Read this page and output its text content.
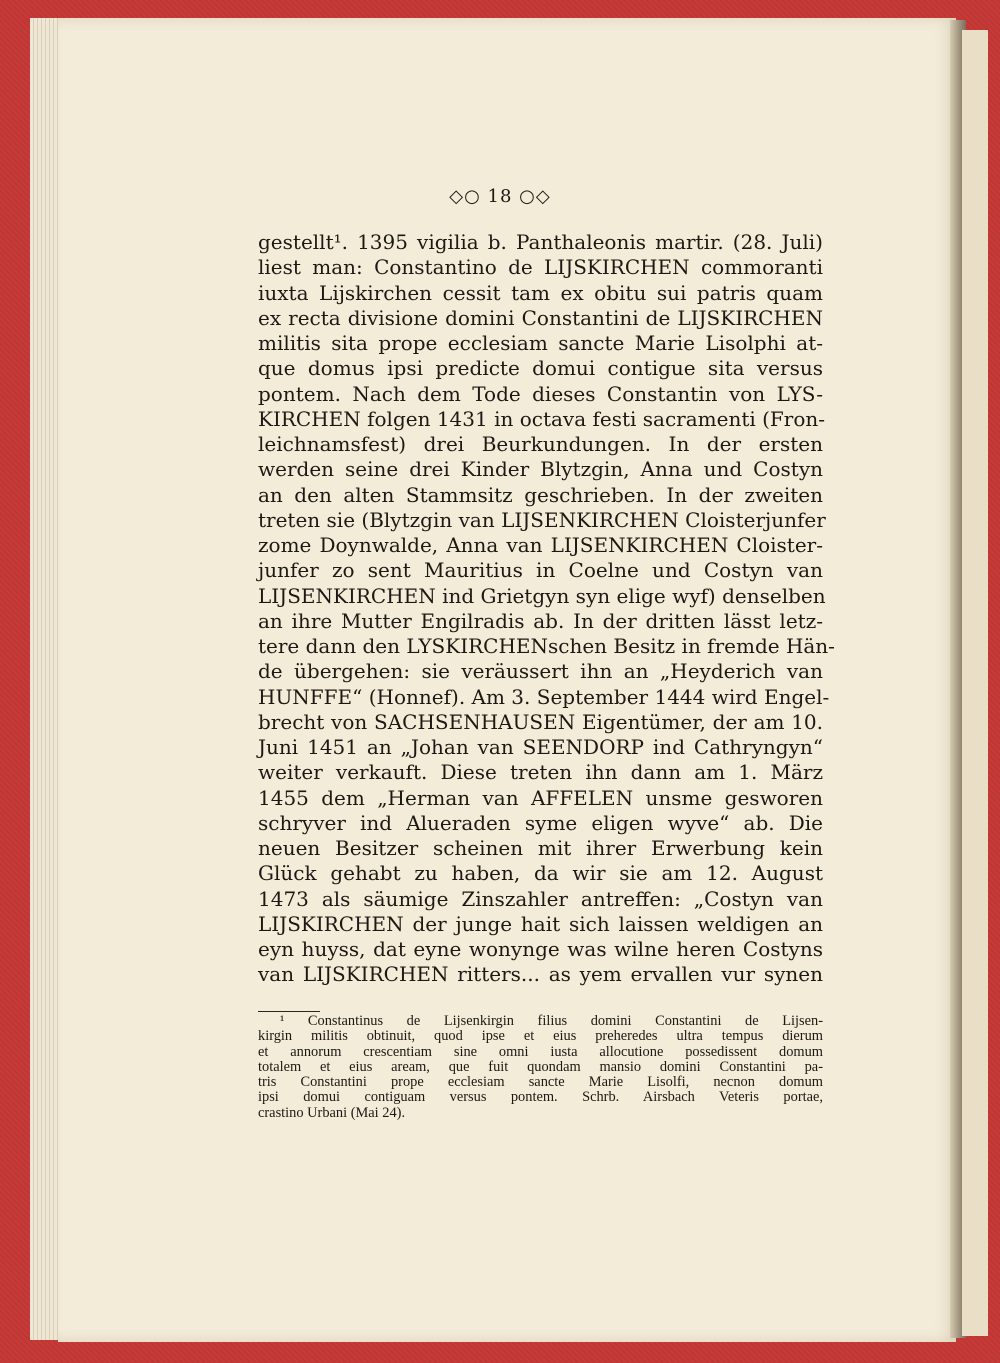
◇○ 18 ○◇
gestellt¹. 1395 vigilia b. Panthaleonis martir. (28. Juli)
liest man: Constantino de LIJSKIRCHEN commoranti
iuxta Lijskirchen cessit tam ex obitu sui patris quam
ex recta divisione domini Constantini de LIJSKIRCHEN
militis sita prope ecclesiam sancte Marie Lisolphi at-
que domus ipsi predicte domui contigue sita versus
pontem. Nach dem Tode dieses Constantin von LYS-
KIRCHEN folgen 1431 in octava festi sacramenti (Fron-
leichnamsfest) drei Beurkundungen. In der ersten
werden seine drei Kinder Blytzgin, Anna und Costyn
an den alten Stammsitz geschrieben. In der zweiten
treten sie (Blytzgin van LIJSENKIRCHEN Cloisterjunfer
zome Doynwalde, Anna van LIJSENKIRCHEN Cloister-
junfer zo sent Mauritius in Coelne und Costyn van
LIJSENKIRCHEN ind Grietgyn syn elige wyf) denselben
an ihre Mutter Engilradis ab. In der dritten lässt letz-
tere dann den LYSKIRCHENschen Besitz in fremde Hän-
de übergehen: sie veräussert ihn an „Heyderich van
HUNFFE“ (Honnef). Am 3. September 1444 wird Engel-
brecht von SACHSENHAUSEN Eigentümer, der am 10.
Juni 1451 an „Johan van SEENDORP ind Cathryngyn“
weiter verkauft. Diese treten ihn dann am 1. März
1455 dem „Herman van AFFELEN unsme gesworen
schryver ind Alueraden syme eligen wyve“ ab. Die
neuen Besitzer scheinen mit ihrer Erwerbung kein
Glück gehabt zu haben, da wir sie am 12. August
1473 als säumige Zinszahler antreffen: „Costyn van
LIJSKIRCHEN der junge hait sich laissen weldigen an
eyn huyss, dat eyne wonynge was wilne heren Costyns
van LIJSKIRCHEN ritters... as yem ervallen vur synen
¹ Constantinus de Lijsenkirgin filius domini Constantini de Lijsen-
kirgin militis obtinuit, quod ipse et eius preheredes ultra tempus dierum
et annorum crescentiam sine omni iusta allocutione possedissent domum
totalem et eius aream, que fuit quondam mansio domini Constantini pa-
tris Constantini prope ecclesiam sancte Marie Lisolfi, necnon domum
ipsi domui contiguam versus pontem. Schrb. Airsbach Veteris portae,
crastino Urbani (Mai 24).
